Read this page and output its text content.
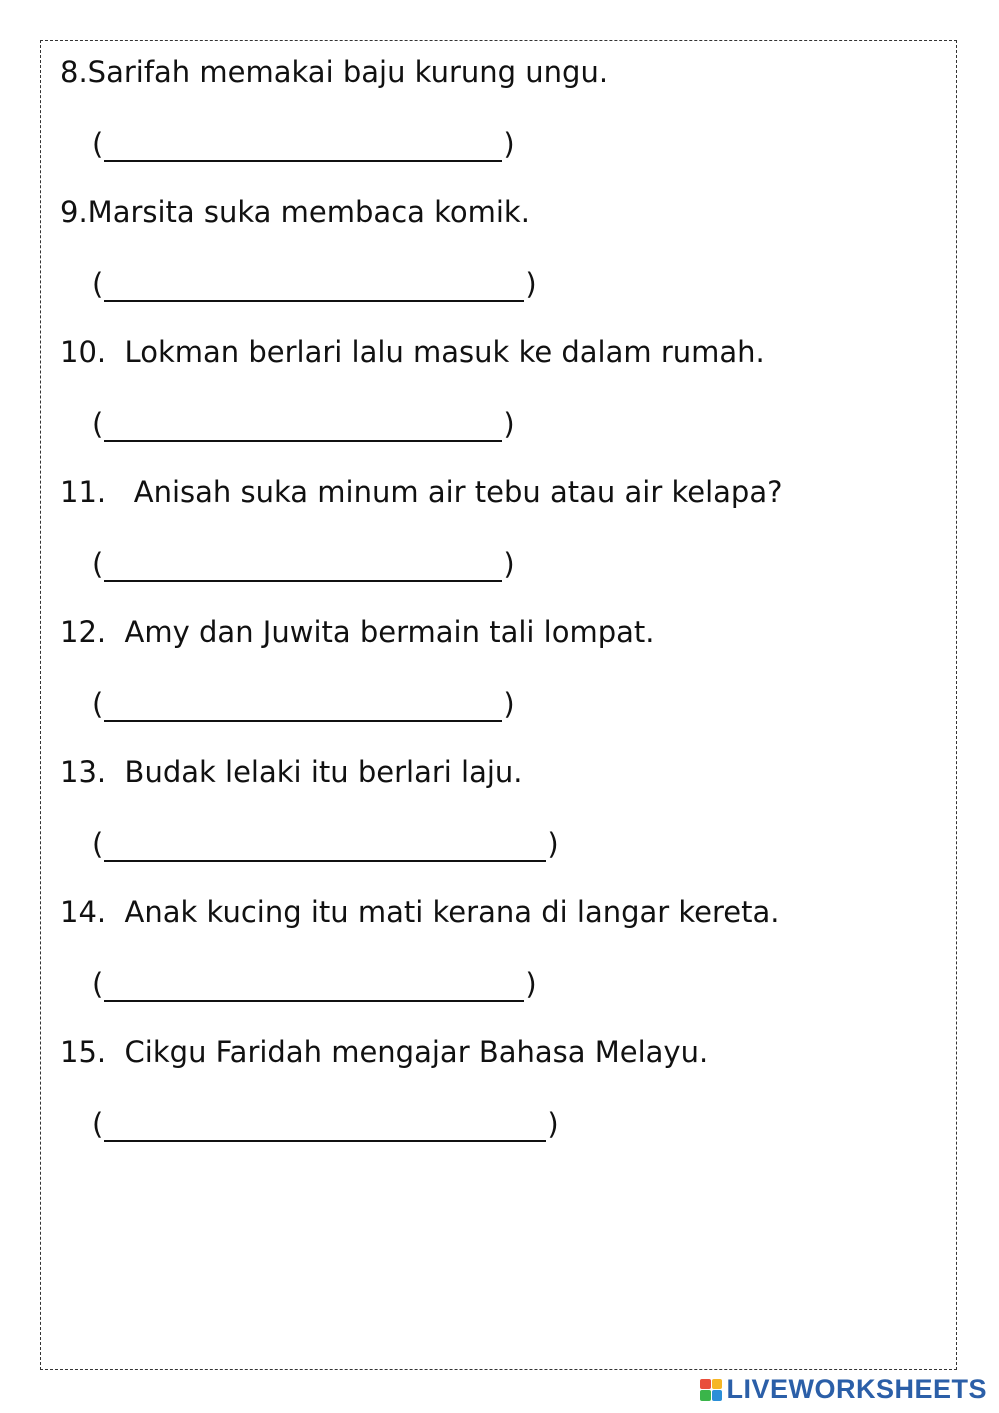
8.Sarifah memakai baju kurung ungu.
(	)
9.Marsita suka membaca komik.
(	)
10.  Lokman berlari lalu masuk ke dalam rumah.
(	)
11.   Anisah suka minum air tebu atau air kelapa?
(	)
12.  Amy dan Juwita bermain tali lompat.
(	)
13.  Budak lelaki itu berlari laju.
(	)
14.  Anak kucing itu mati kerana di langar kereta.
(	)
15.  Cikgu Faridah mengajar Bahasa Melayu.
(	)
LIVEWORKSHEETS
